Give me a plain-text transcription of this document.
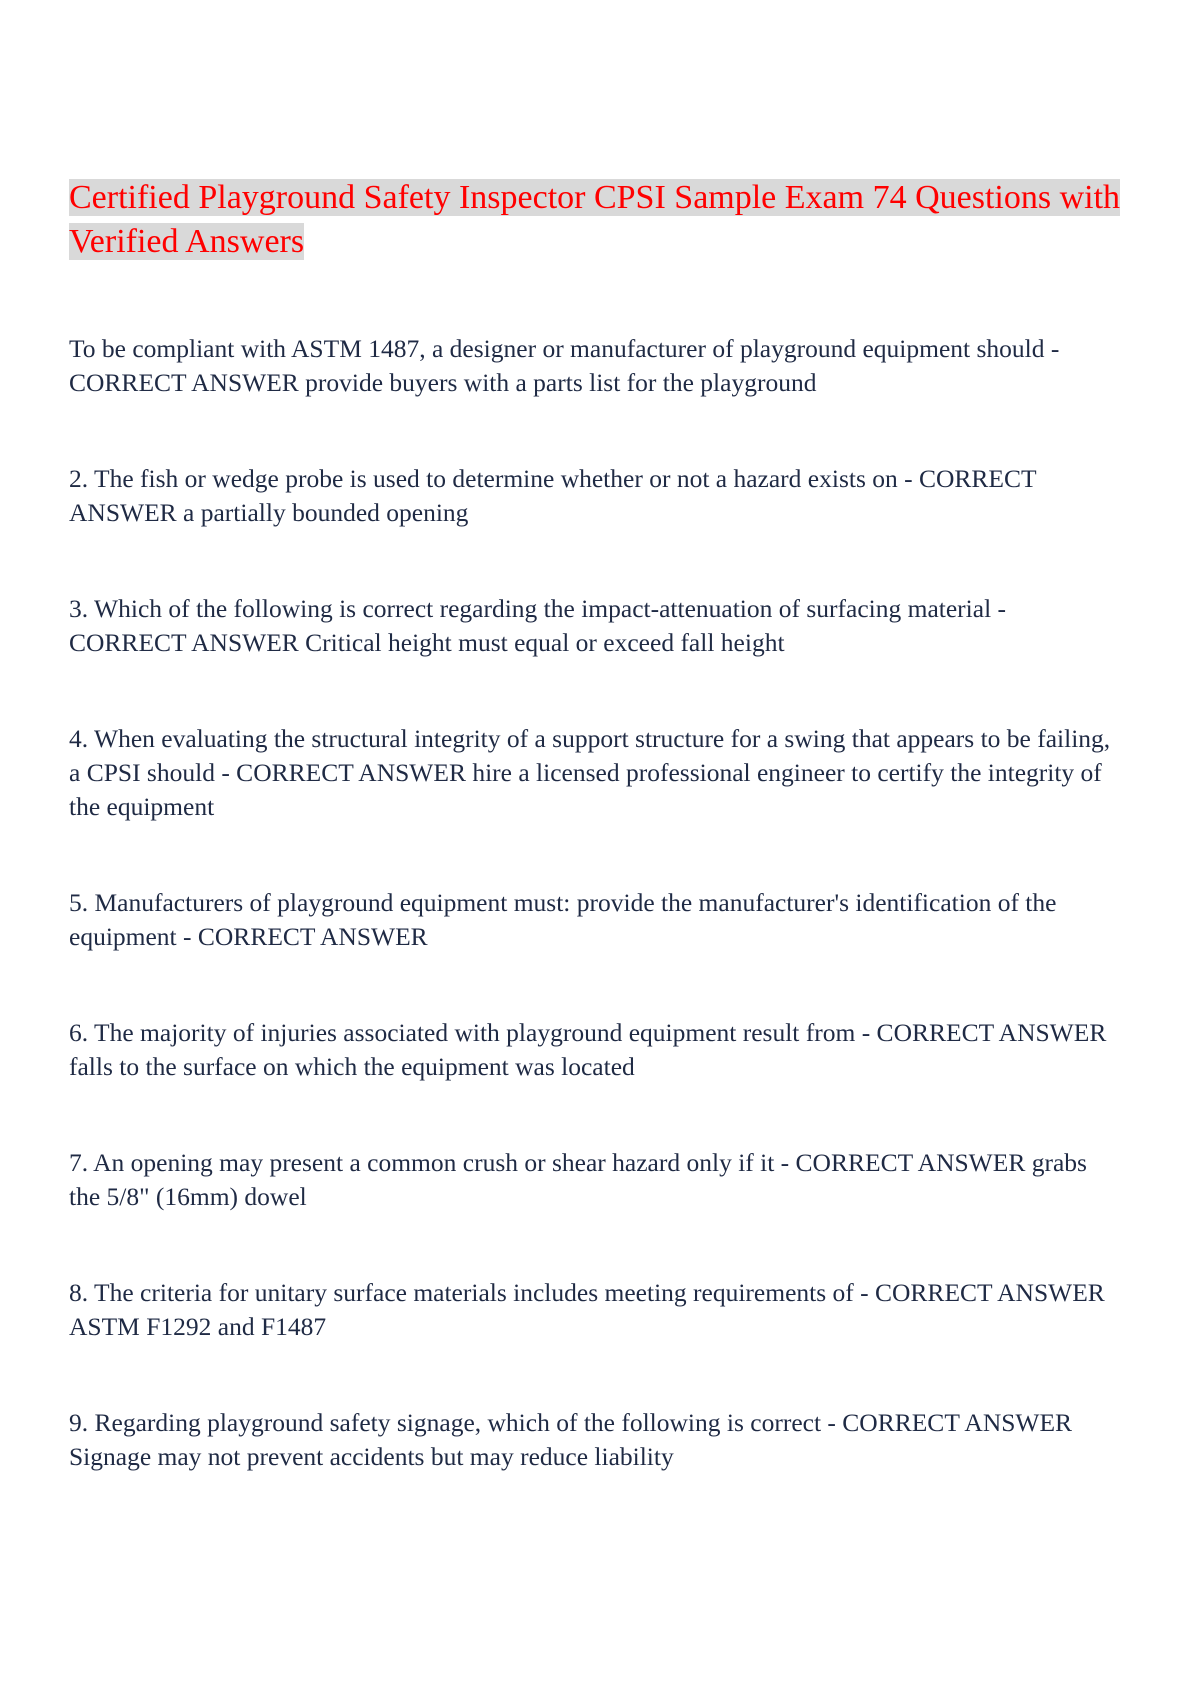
Certified Playground Safety Inspector CPSI Sample Exam 74 Questions with Verified Answers
To be compliant with ASTM 1487, a designer or manufacturer of playground equipment should - CORRECT ANSWER provide buyers with a parts list for the playground
2. The fish or wedge probe is used to determine whether or not a hazard exists on - CORRECT ANSWER a partially bounded opening
3. Which of the following is correct regarding the impact-attenuation of surfacing material - CORRECT ANSWER Critical height must equal or exceed fall height
4. When evaluating the structural integrity of a support structure for a swing that appears to be failing, a CPSI should - CORRECT ANSWER hire a licensed professional engineer to certify the integrity of the equipment
5. Manufacturers of playground equipment must: provide the manufacturer's identification of the equipment - CORRECT ANSWER
6. The majority of injuries associated with playground equipment result from - CORRECT ANSWER falls to the surface on which the equipment was located
7. An opening may present a common crush or shear hazard only if it - CORRECT ANSWER grabs the 5/8" (16mm) dowel
8. The criteria for unitary surface materials includes meeting requirements of - CORRECT ANSWER ASTM F1292 and F1487
9. Regarding playground safety signage, which of the following is correct - CORRECT ANSWER Signage may not prevent accidents but may reduce liability
